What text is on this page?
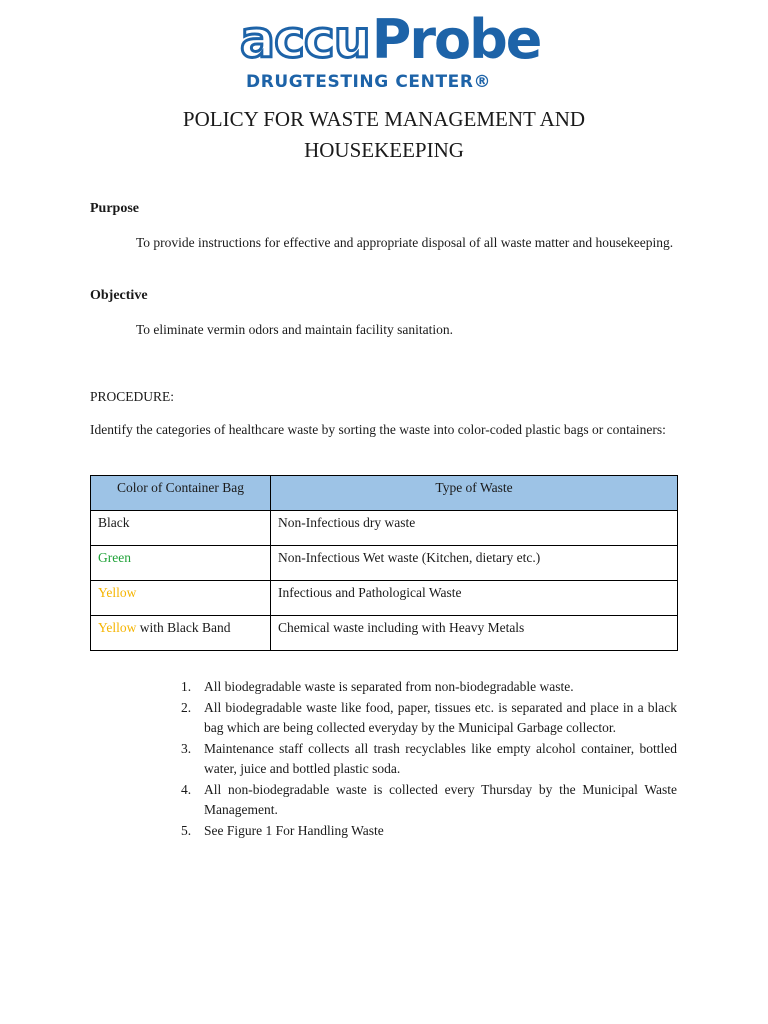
accu Probe
DRUGTESTING CENTER®
POLICY FOR WASTE MANAGEMENT AND
HOUSEKEEPING
Purpose
To provide instructions for effective and appropriate disposal of all waste matter and housekeeping.
Objective
To eliminate vermin odors and maintain facility sanitation.
PROCEDURE:
Identify the categories of healthcare waste by sorting the waste into color-coded plastic bags or containers:
Color of Container Bag	Type of Waste
Black	Non-Infectious dry waste
Green	Non-Infectious Wet waste (Kitchen, dietary etc.)
Yellow	Infectious and Pathological Waste
Yellow with Black Band	Chemical waste including with Heavy Metals
1. All biodegradable waste is separated from non-biodegradable waste.
2. All biodegradable waste like food, paper, tissues etc. is separated and place in a black bag which are being collected everyday by the Municipal Garbage collector.
3. Maintenance staff collects all trash recyclables like empty alcohol container, bottled water, juice and bottled plastic soda.
4. All non-biodegradable waste is collected every Thursday by the Municipal Waste Management.
5. See Figure 1 For Handling Waste
